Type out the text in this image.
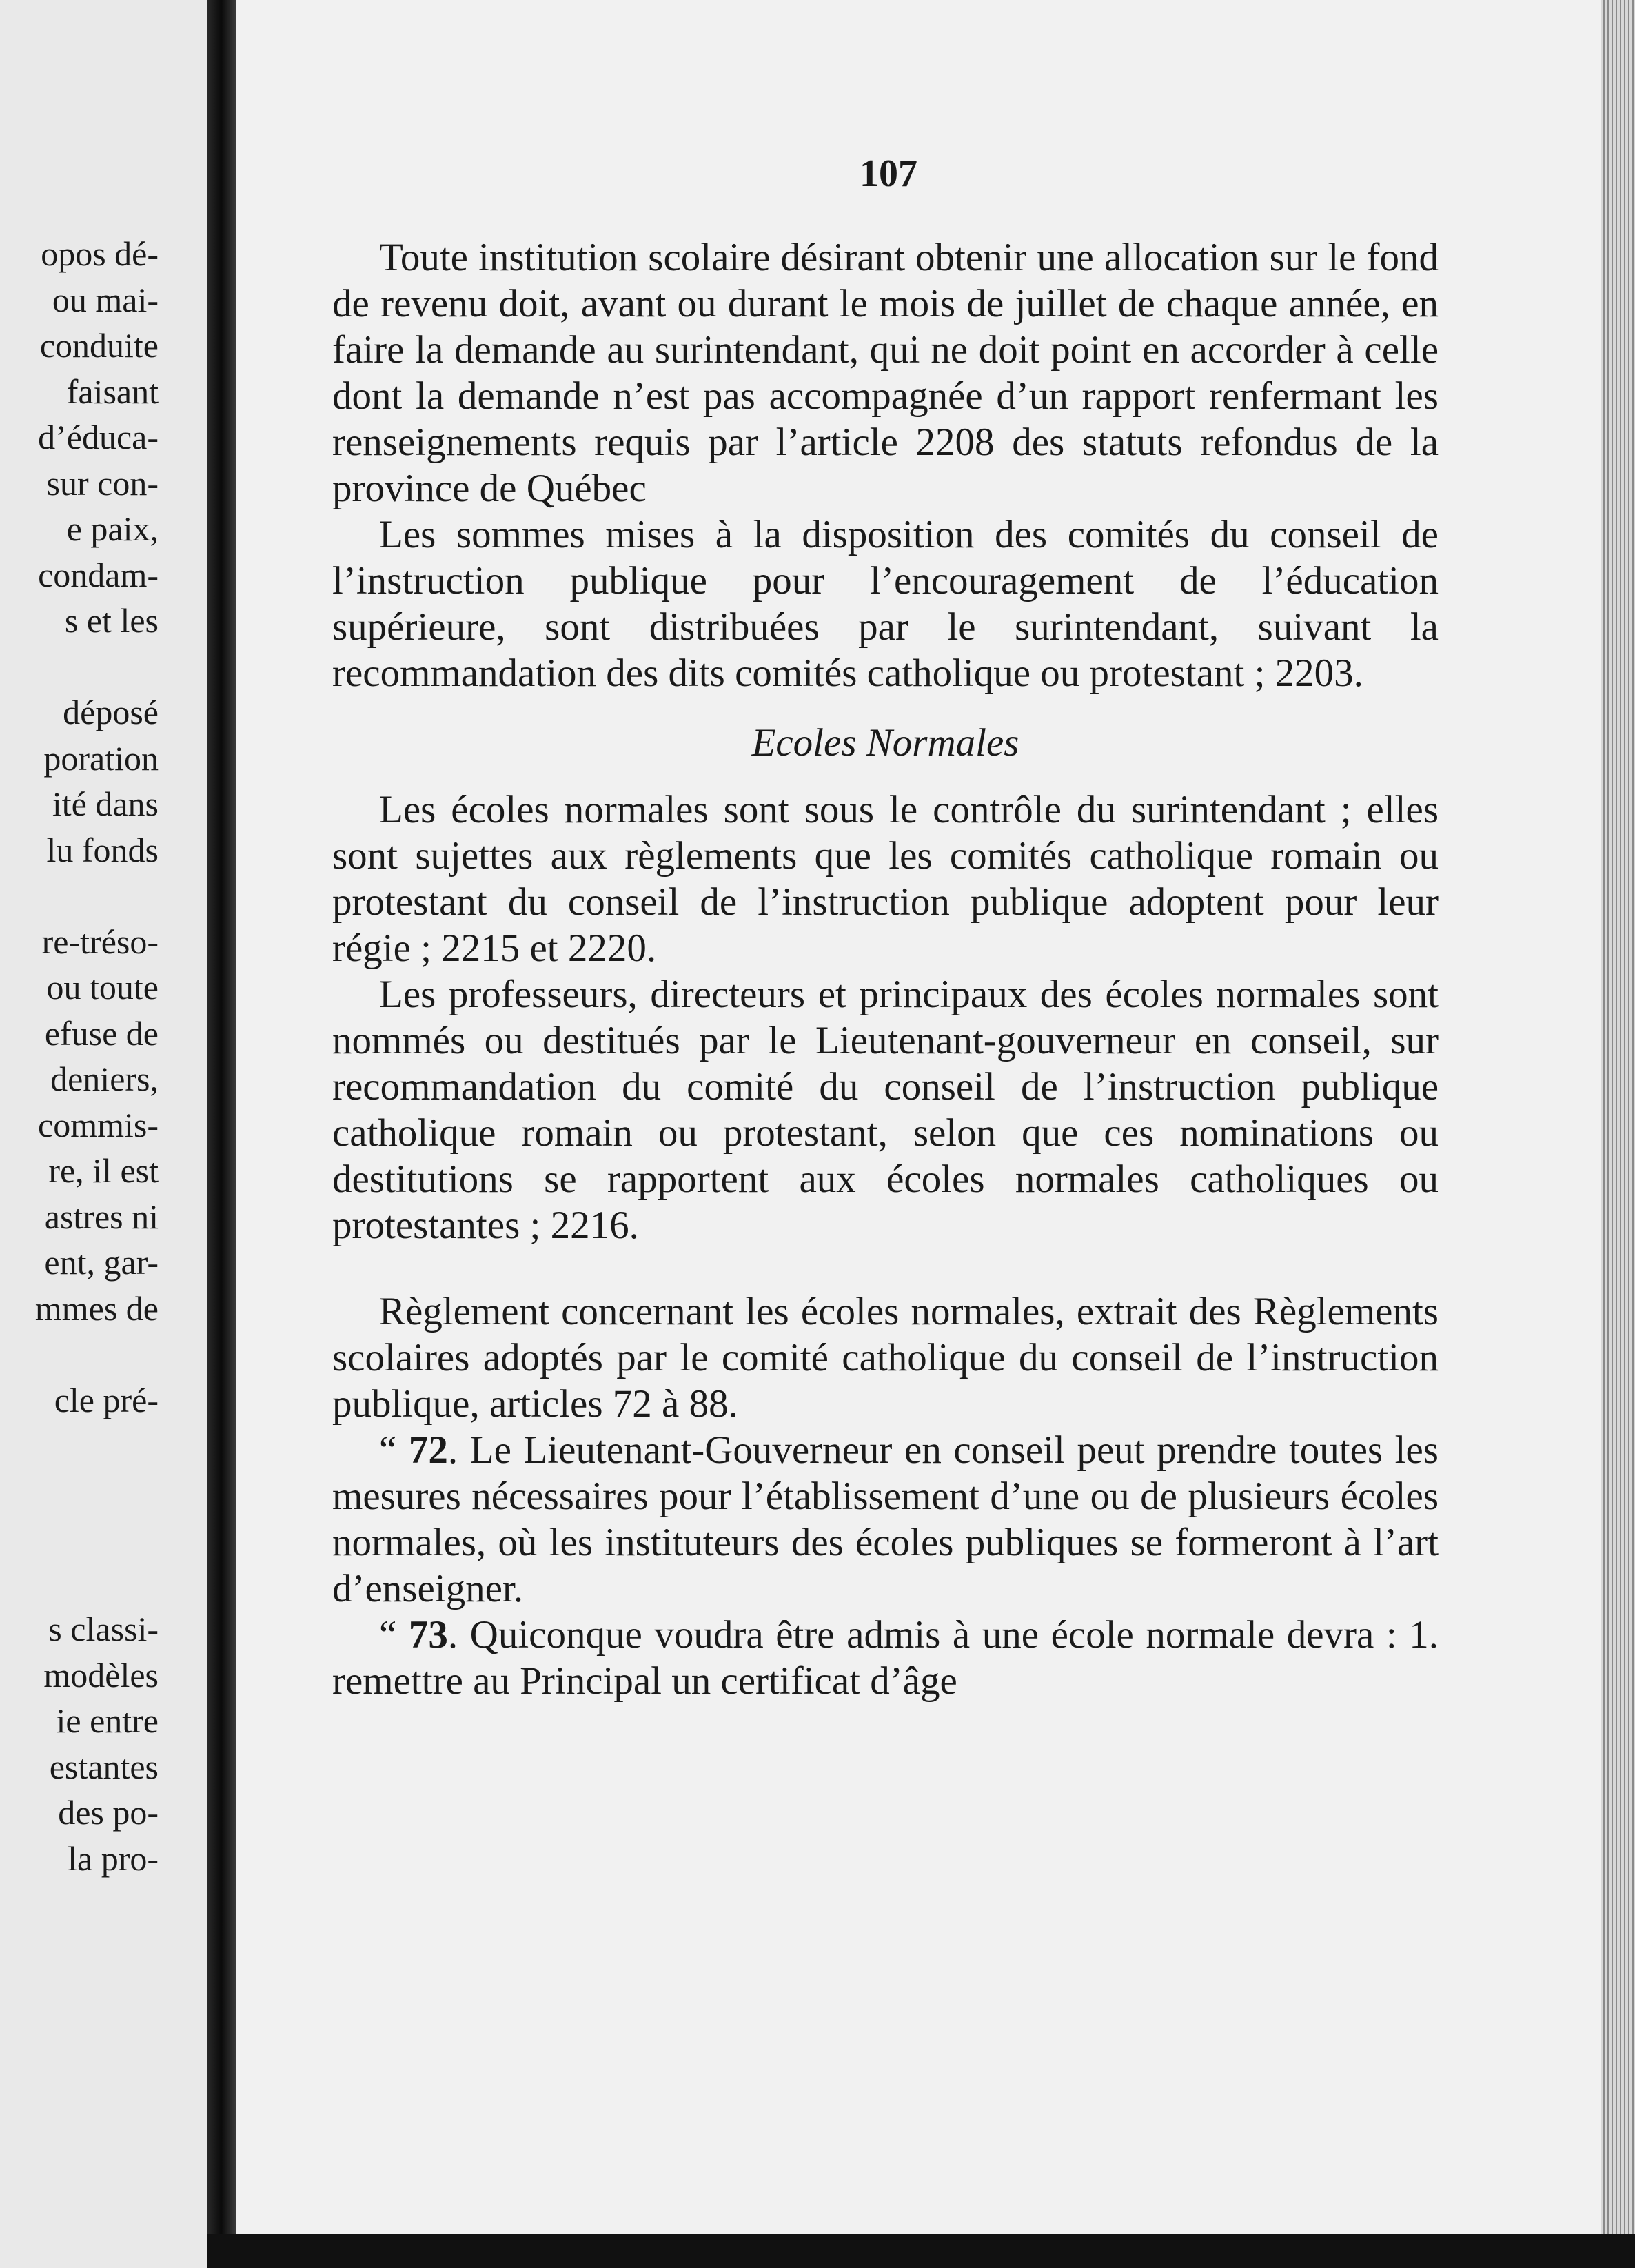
opos dé-
ou mai-
conduite
faisant
d’éduca-
sur con-
e paix,
condam-
s et les
déposé
poration
ité dans
lu fonds
re-tréso-
ou toute
efuse de
deniers,
commis-
re, il est
astres ni
ent, gar-
mmes de
cle pré-
s classi-
modèles
ie entre
estantes
des po-
la pro-
107

Toute institution scolaire désirant obtenir une allocation sur le fond de revenu doit, avant ou durant le mois de juillet de chaque année, en faire la demande au surintendant, qui ne doit point en accorder à celle dont la demande n’est pas accompagnée d’un rapport renfermant les renseignements requis par l’article 2208 des statuts refondus de la province de Québec

Les sommes mises à la disposition des comités du conseil de l’instruction publique pour l’encouragement de l’éducation supérieure, sont distribuées par le surintendant, suivant la recommandation des dits comités catholique ou protestant ; 2203.

Ecoles Normales

Les écoles normales sont sous le contrôle du surintendant ; elles sont sujettes aux règlements que les comités catholique romain ou protestant du conseil de l’instruction publique adoptent pour leur régie ; 2215 et 2220.

Les professeurs, directeurs et principaux des écoles normales sont nommés ou destitués par le Lieutenant-gouverneur en conseil, sur recommandation du comité du conseil de l’instruction publique catholique romain ou protestant, selon que ces nominations ou destitutions se rapportent aux écoles normales catholiques ou protestantes ; 2216.

Règlement concernant les écoles normales, extrait des Règlements scolaires adoptés par le comité catholique du conseil de l’instruction publique, articles 72 à 88.

“ 72. Le Lieutenant-Gouverneur en conseil peut prendre toutes les mesures nécessaires pour l’établissement d’une ou de plusieurs écoles normales, où les instituteurs des écoles publiques se formeront à l’art d’enseigner.

“ 73. Quiconque voudra être admis à une école normale devra : 1. remettre au Principal un certificat d’âge
